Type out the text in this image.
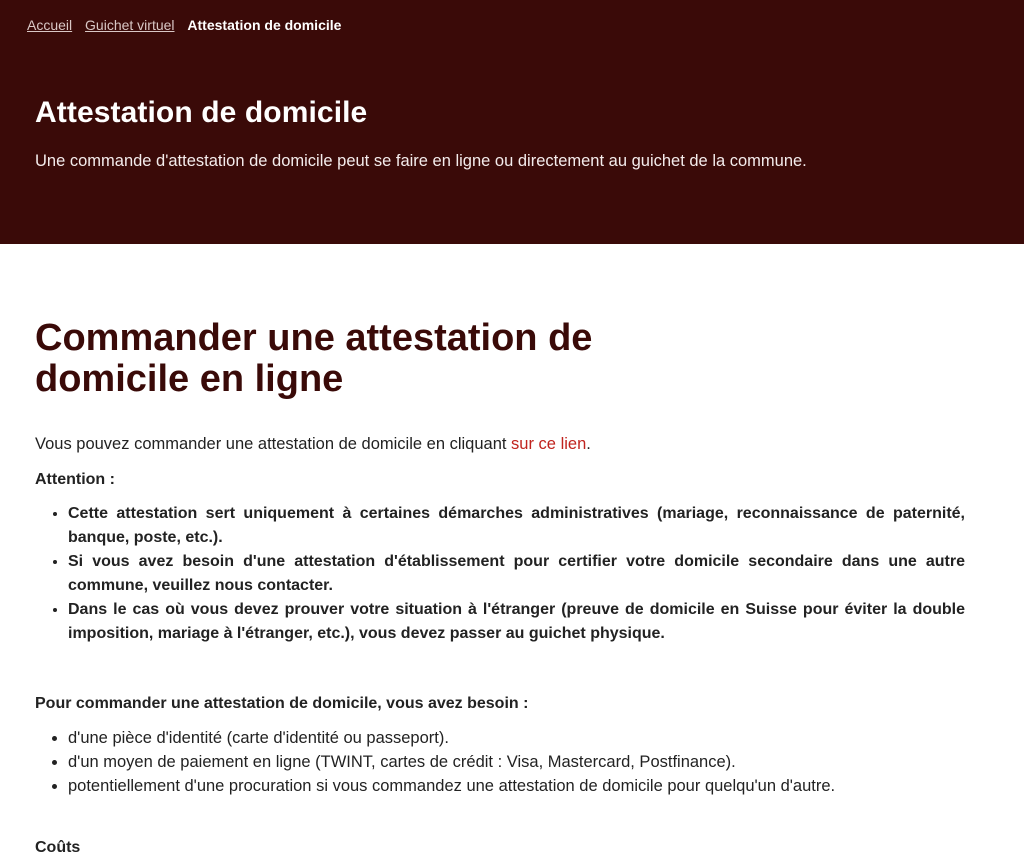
Accueil Guichet virtuel Attestation de domicile
Attestation de domicile

Une commande d'attestation de domicile peut se faire en ligne ou directement au guichet de la commune.

Commander une attestation de domicile en ligne

Vous pouvez commander une attestation de domicile en cliquant sur ce lien.

Attention :

• Cette attestation sert uniquement à certaines démarches administratives (mariage, reconnaissance de paternité, banque, poste, etc.).
• Si vous avez besoin d'une attestation d'établissement pour certifier votre domicile secondaire dans une autre commune, veuillez nous contacter.
• Dans le cas où vous devez prouver votre situation à l'étranger (preuve de domicile en Suisse pour éviter la double imposition, mariage à l'étranger, etc.), vous devez passer au guichet physique.

Pour commander une attestation de domicile, vous avez besoin :

• d'une pièce d'identité (carte d'identité ou passeport).
• d'un moyen de paiement en ligne (TWINT, cartes de crédit : Visa, Mastercard, Postfinance).
• potentiellement d'une procuration si vous commandez une attestation de domicile pour quelqu'un d'autre.

Coûts
